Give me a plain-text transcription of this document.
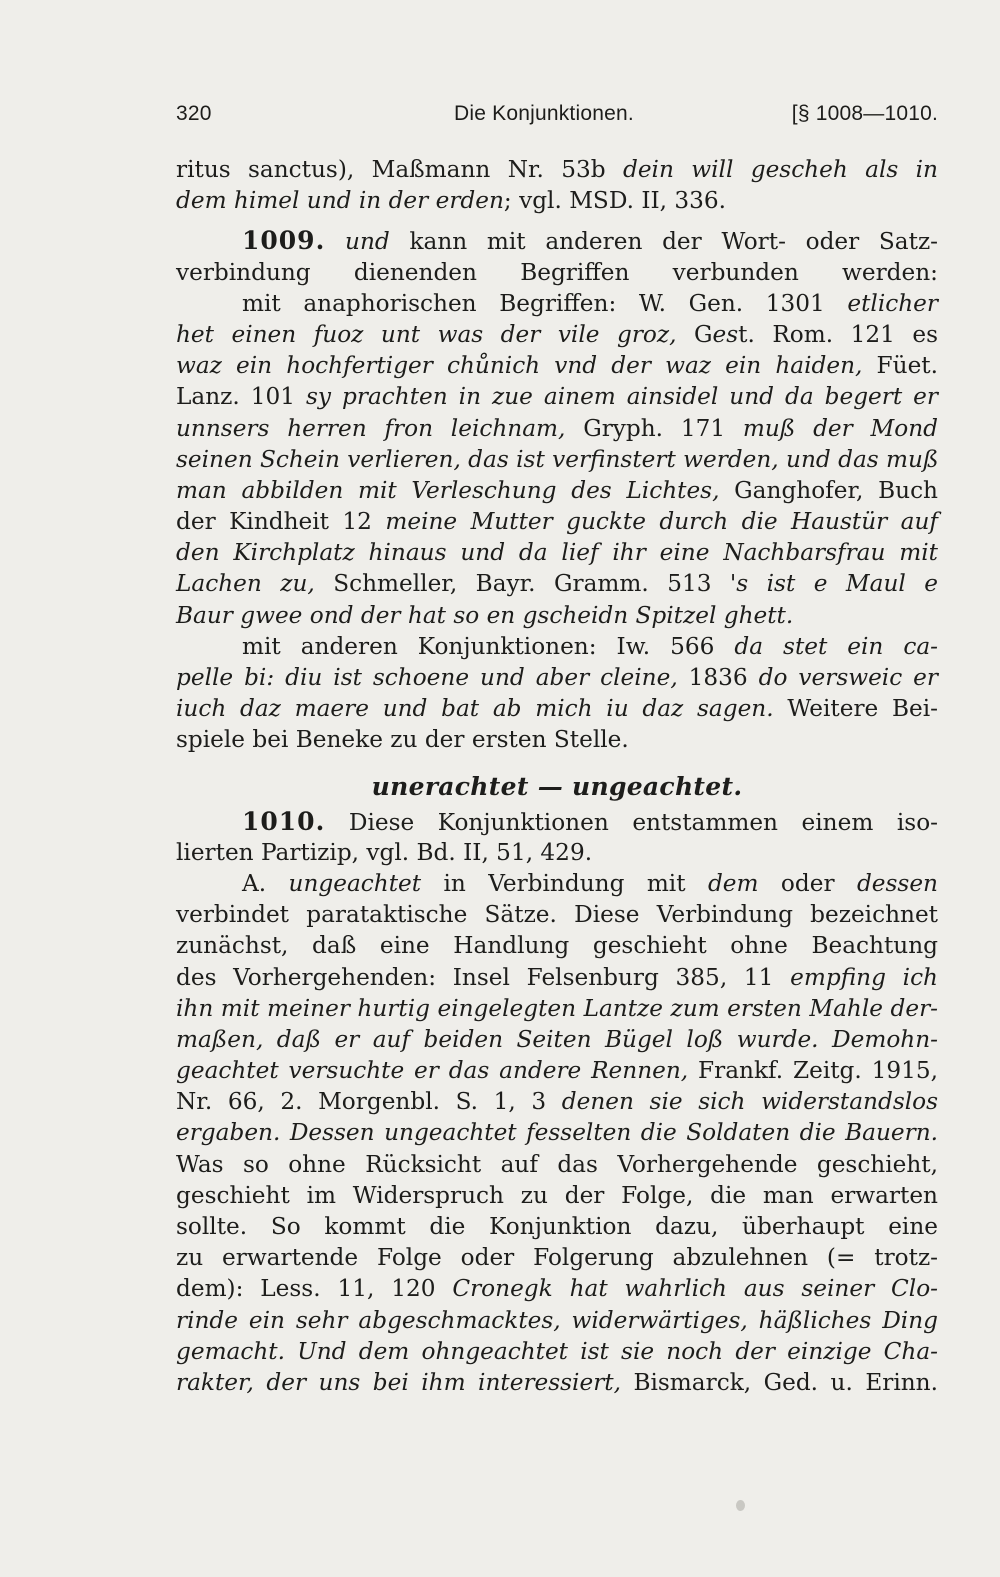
320	Die Konjunktionen.	[§ 1008—1010.
ritus sanctus), Maßmann Nr. 53b dein will gescheh als in
dem himel und in der erden; vgl. MSD. II, 336.
1009. und kann mit anderen der Wort- oder Satz-
verbindung dienenden Begriffen verbunden werden:
mit anaphorischen Begriffen: W. Gen. 1301 etlicher
het einen fuoz unt was der vile groz, Gest. Rom. 121 es
waz ein hochfertiger chůnich vnd der waz ein haiden, Füet.
Lanz. 101 sy prachten in zue ainem ainsidel und da begert er
unnsers herren fron leichnam, Gryph. 171 muß der Mond
seinen Schein verlieren, das ist verfinstert werden, und das muß
man abbilden mit Verleschung des Lichtes, Ganghofer, Buch
der Kindheit 12 meine Mutter guckte durch die Haustür auf
den Kirchplatz hinaus und da lief ihr eine Nachbarsfrau mit
Lachen zu, Schmeller, Bayr. Gramm. 513 's ist e Maul e
Baur gwee ond der hat so en gscheidn Spitzel ghett.
mit anderen Konjunktionen: Iw. 566 da stet ein ca-
pelle bi: diu ist schoene und aber cleine, 1836 do versweic er
iuch daz maere und bat ab mich iu daz sagen. Weitere Bei-
spiele bei Beneke zu der ersten Stelle.
unerachtet — ungeachtet.
1010. Diese Konjunktionen entstammen einem iso-
lierten Partizip, vgl. Bd. II, 51, 429.
A. ungeachtet in Verbindung mit dem oder dessen
verbindet parataktische Sätze. Diese Verbindung bezeichnet
zunächst, daß eine Handlung geschieht ohne Beachtung
des Vorhergehenden: Insel Felsenburg 385, 11 empfing ich
ihn mit meiner hurtig eingelegten Lantze zum ersten Mahle der-
maßen, daß er auf beiden Seiten Bügel loß wurde. Demohn-
geachtet versuchte er das andere Rennen, Frankf. Zeitg. 1915,
Nr. 66, 2. Morgenbl. S. 1, 3 denen sie sich widerstandslos
ergaben. Dessen ungeachtet fesselten die Soldaten die Bauern.
Was so ohne Rücksicht auf das Vorhergehende geschieht,
geschieht im Widerspruch zu der Folge, die man erwarten
sollte. So kommt die Konjunktion dazu, überhaupt eine
zu erwartende Folge oder Folgerung abzulehnen (= trotz-
dem): Less. 11, 120 Cronegk hat wahrlich aus seiner Clo-
rinde ein sehr abgeschmacktes, widerwärtiges, häßliches Ding
gemacht. Und dem ohngeachtet ist sie noch der einzige Cha-
rakter, der uns bei ihm interessiert, Bismarck, Ged. u. Erinn.
